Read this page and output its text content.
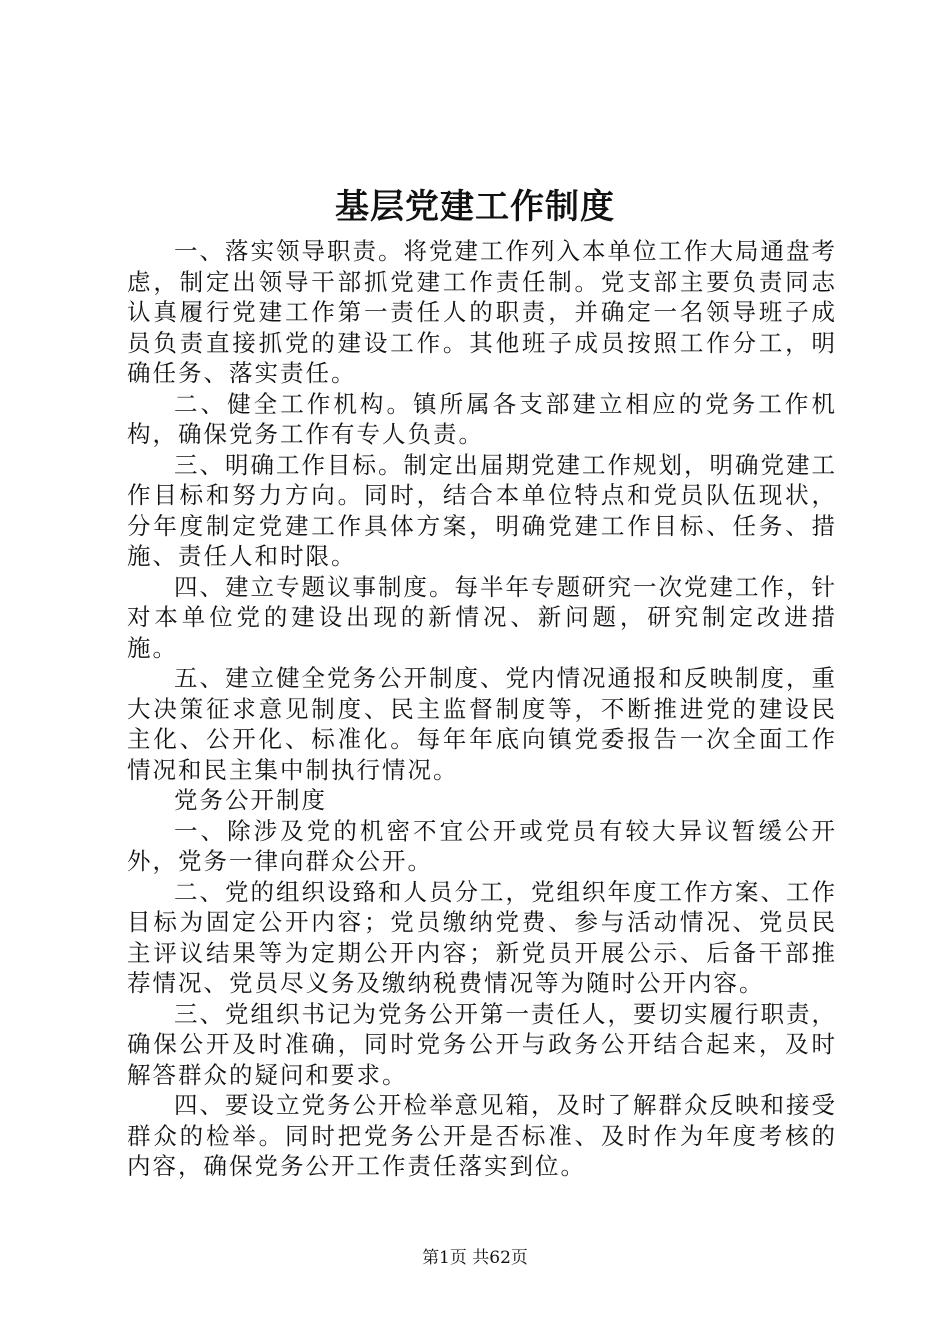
基层党建工作制度

一、落实领导职责。将党建工作列入本单位工作大局通盘考虑，制定出领导干部抓党建工作责任制。党支部主要负责同志认真履行党建工作第一责任人的职责，并确定一名领导班子成员负责直接抓党的建设工作。其他班子成员按照工作分工，明确任务、落实责任。

二、健全工作机构。镇所属各支部建立相应的党务工作机构，确保党务工作有专人负责。

三、明确工作目标。制定出届期党建工作规划，明确党建工作目标和努力方向。同时，结合本单位特点和党员队伍现状，分年度制定党建工作具体方案，明确党建工作目标、任务、措施、责任人和时限。

四、建立专题议事制度。每半年专题研究一次党建工作，针对本单位党的建设出现的新情况、新问题，研究制定改进措施。

五、建立健全党务公开制度、党内情况通报和反映制度，重大决策征求意见制度、民主监督制度等，不断推进党的建设民主化、公开化、标准化。每年年底向镇党委报告一次全面工作情况和民主集中制执行情况。

党务公开制度

一、除涉及党的机密不宜公开或党员有较大异议暂缓公开外，党务一律向群众公开。

二、党的组织设臵和人员分工，党组织年度工作方案、工作目标为固定公开内容；党员缴纳党费、参与活动情况、党员民主评议结果等为定期公开内容；新党员开展公示、后备干部推荐情况、党员尽义务及缴纳税费情况等为随时公开内容。

三、党组织书记为党务公开第一责任人，要切实履行职责，确保公开及时准确，同时党务公开与政务公开结合起来，及时解答群众的疑问和要求。

四、要设立党务公开检举意见箱，及时了解群众反映和接受群众的检举。同时把党务公开是否标准、及时作为年度考核的内容，确保党务公开工作责任落实到位。

第1页 共62页
